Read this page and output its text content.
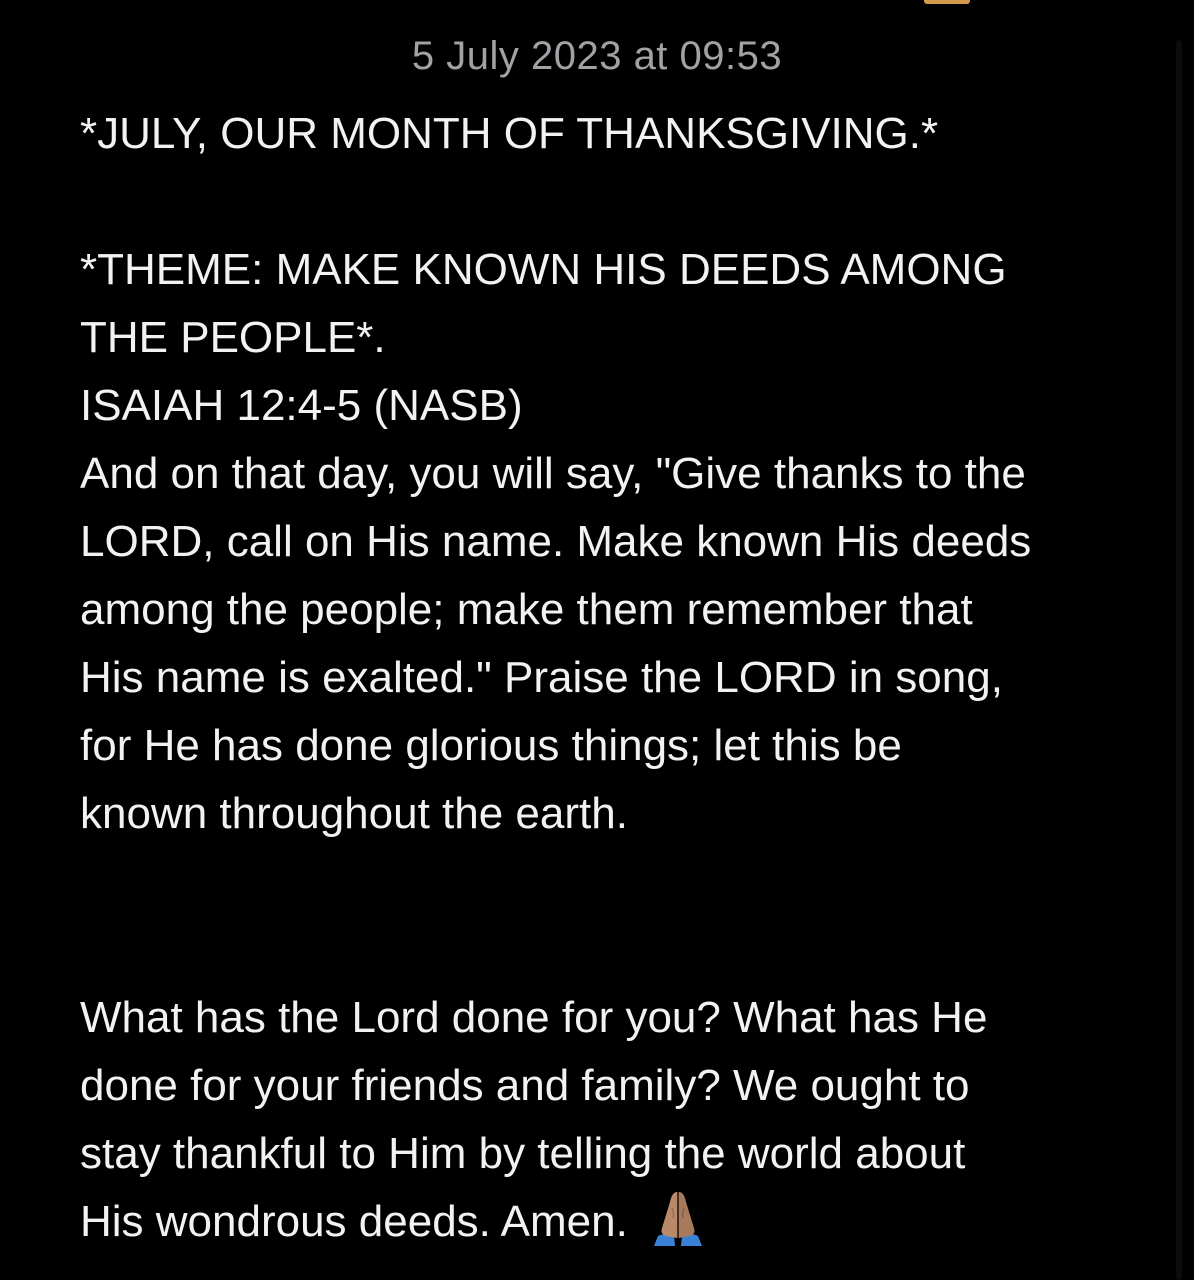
5 July 2023 at 09:53
*JULY, OUR MONTH OF THANKSGIVING.*
*THEME: MAKE KNOWN HIS DEEDS AMONG
THE PEOPLE*.
ISAIAH 12:4-5 (NASB)
And on that day, you will say, "Give thanks to the
LORD, call on His name. Make known His deeds
among the people; make them remember that
His name is exalted." Praise the LORD in song,
for He has done glorious things; let this be
known throughout the earth.
What has the Lord done for you? What has He
done for your friends and family? We ought to
stay thankful to Him by telling the world about
His wondrous deeds. Amen.
